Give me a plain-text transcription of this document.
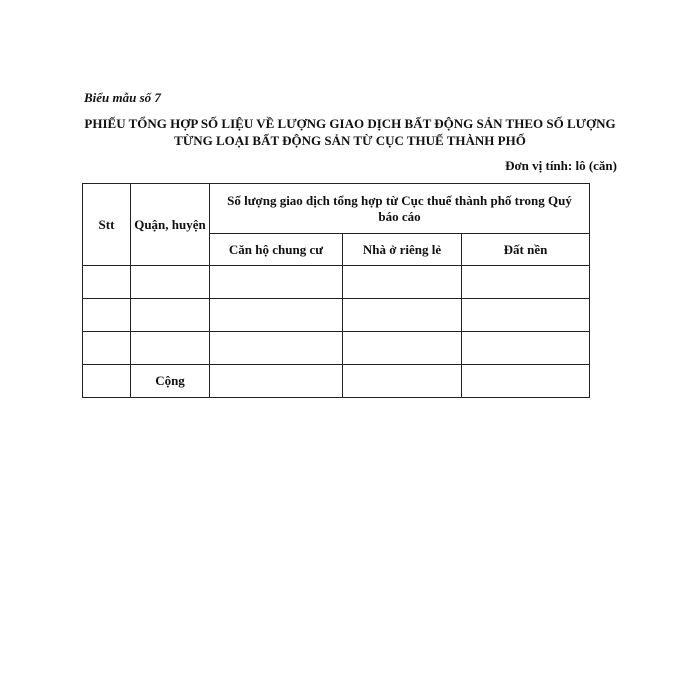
Biểu mẫu số 7
PHIẾU TỔNG HỢP SỐ LIỆU VỀ LƯỢNG GIAO DỊCH BẤT ĐỘNG SẢN THEO SỐ LƯỢNG
TỪNG LOẠI BẤT ĐỘNG SẢN TỪ CỤC THUẾ THÀNH PHỐ
Đơn vị tính: lô (căn)
Stt	Quận, huyện	Số lượng giao dịch tổng hợp từ Cục thuế thành phố trong Quý báo cáo		
		Căn hộ chung cư	Nhà ở riêng lẻ	Đất nền

	Cộng			
